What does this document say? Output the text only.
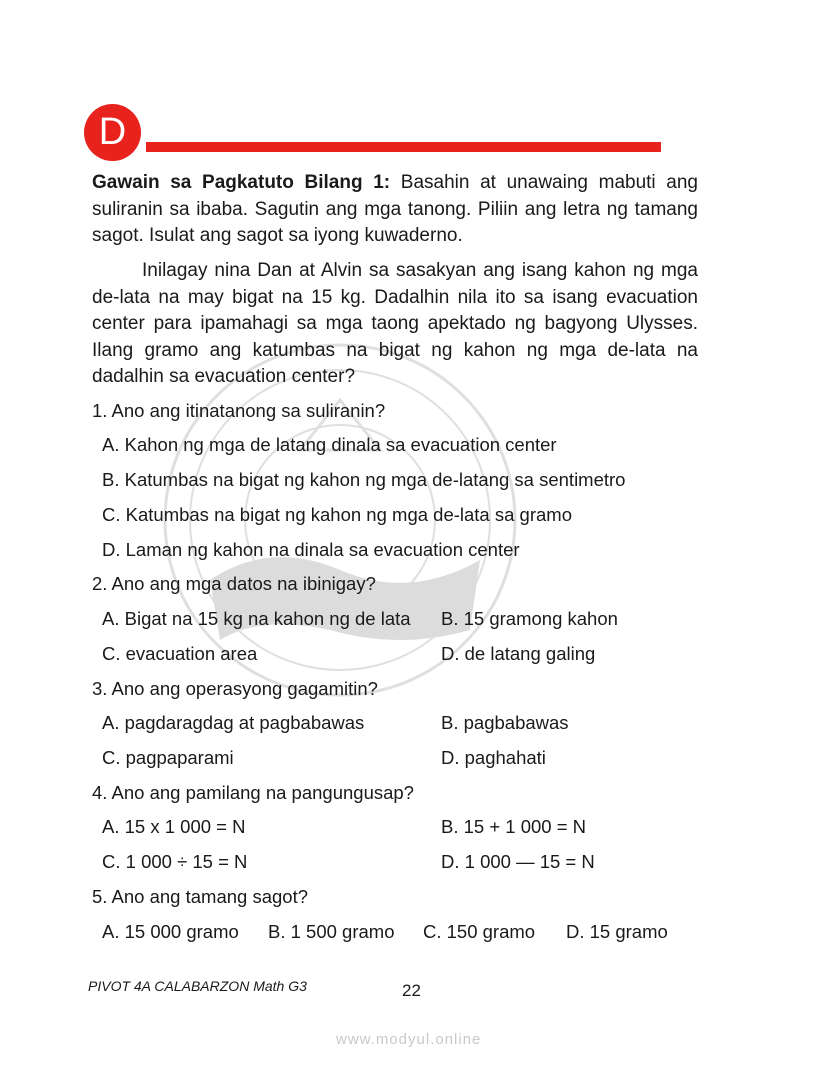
D

Gawain sa Pagkatuto Bilang 1: Basahin at unawaing mabuti ang suliranin sa ibaba. Sagutin ang mga tanong. Piliin ang letra ng tamang sagot. Isulat ang sagot sa iyong kuwaderno.

Inilagay nina Dan at Alvin sa sasakyan ang isang kahon ng mga de-lata na may bigat na 15 kg. Dadalhin nila ito sa isang evacuation center para ipamahagi sa mga taong apektado ng bagyong Ulysses. Ilang gramo ang katumbas na bigat ng kahon ng mga de-lata na dadalhin sa evacuation center?

1. Ano ang itinatanong sa suliranin?
A. Kahon ng mga de latang dinala sa evacuation center
B. Katumbas na bigat ng kahon ng mga de-latang sa sentimetro
C. Katumbas na bigat ng kahon ng mga de-lata sa gramo
D. Laman ng kahon na dinala sa evacuation center
2. Ano ang mga datos na ibinigay?
A. Bigat na 15 kg na kahon ng de lata B. 15 gramong kahon
C. evacuation area	D. de latang galing
3. Ano ang operasyong gagamitin?
A. pagdaragdag at pagbabawas	B. pagbabawas
C. pagpaparami	D. paghahati
4. Ano ang pamilang na pangungusap?
A. 15 x 1 000 = N	B. 15 + 1 000 = N
C. 1 000 ÷ 15 = N	D. 1 000 — 15 = N
5. Ano ang tamang sagot?
A. 15 000 gramo B. 1 500 gramo C. 150 gramo D. 15 gramo
PIVOT 4A CALABARZON Math G3	22
www.modyul.online
